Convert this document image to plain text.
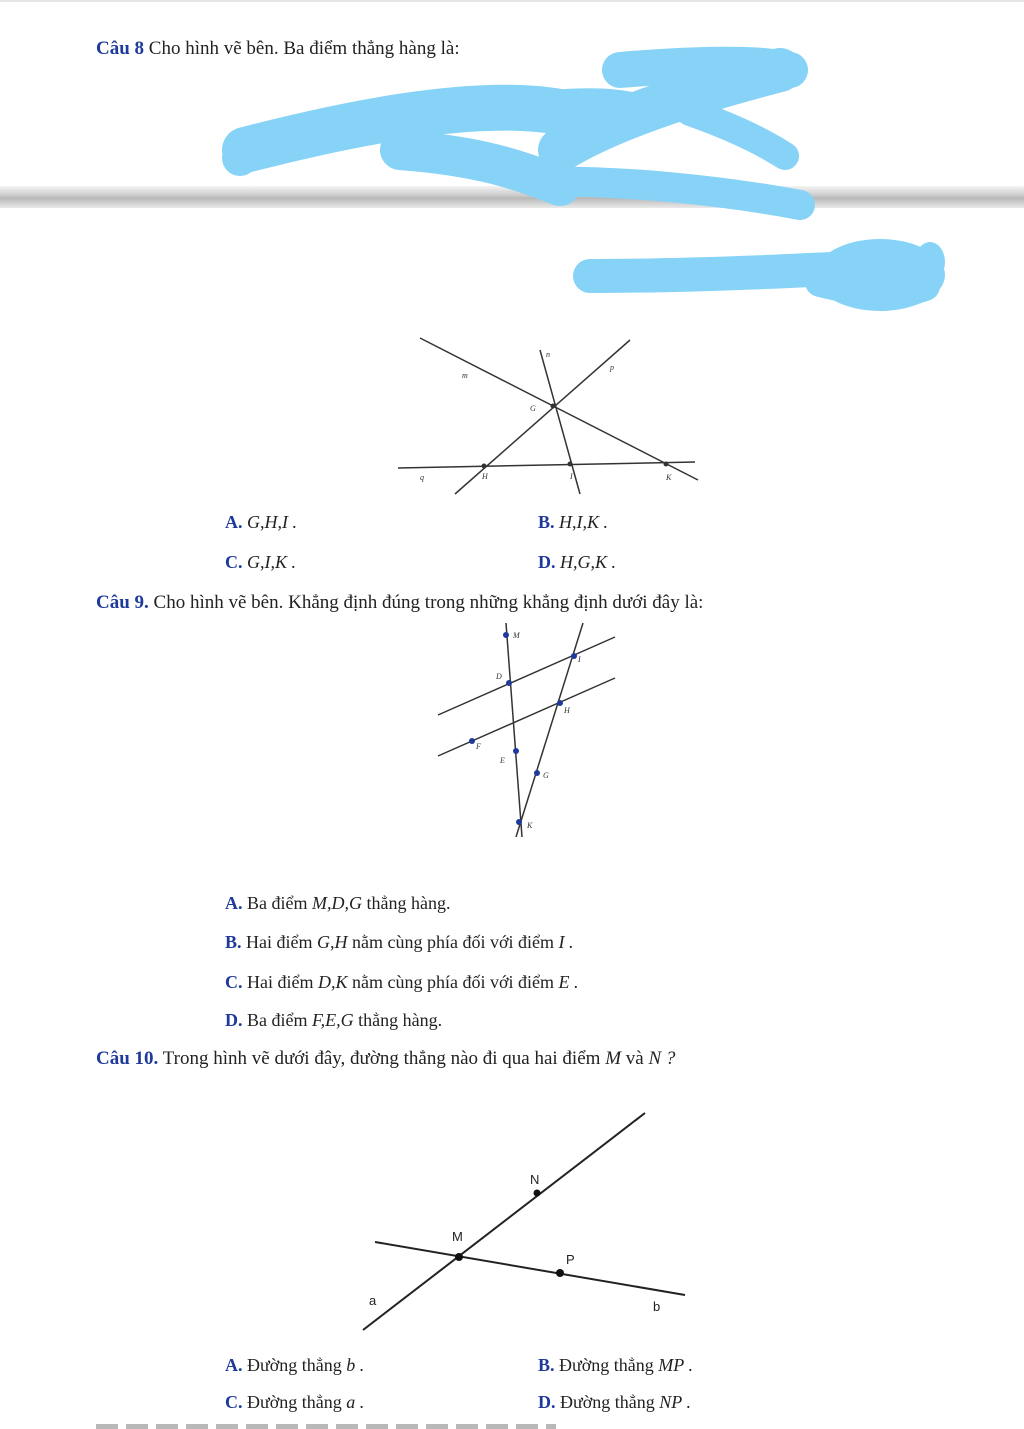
Câu 8 Cho hình vẽ bên. Ba điểm thẳng hàng là:
m
n
p
q
G
H	I	K
A. G,H,I .	B. H,I,K .
C. G,I,K .	D. H,G,K .
Câu 9. Cho hình vẽ bên. Khẳng định đúng trong những khẳng định dưới đây là:
M
I
D
H
F
E
G
K
A. Ba điểm M,D,G thẳng hàng.
B. Hai điểm G,H nằm cùng phía đối với điểm I .
C. Hai điểm D,K nằm cùng phía đối với điểm E .
D. Ba điểm F,E,G thẳng hàng.
Câu 10. Trong hình vẽ dưới đây, đường thẳng nào đi qua hai điểm M và N ?
N
M
P
a	b
A. Đường thẳng b .	B. Đường thẳng MP .
C. Đường thẳng a .	D. Đường thẳng NP .
